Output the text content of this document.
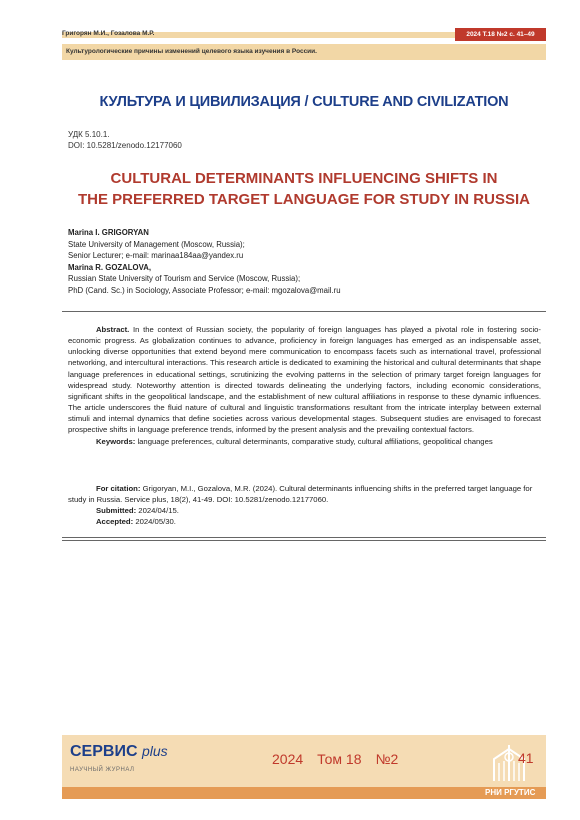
Григорян М.И., Гозалова М.Р.	2024 Т.18 №2 с. 41–49
Культурологические причины изменений целевого языка изучения в России.
КУЛЬТУРА И ЦИВИЛИЗАЦИЯ / CULTURE AND CIVILIZATION
УДК 5.10.1.
DOI: 10.5281/zenodo.12177060
CULTURAL DETERMINANTS INFLUENCING SHIFTS IN
THE PREFERRED TARGET LANGUAGE FOR STUDY IN RUSSIA
Marina I. GRIGORYAN
State University of Management (Moscow, Russia);
Senior Lecturer; e-mail: marinaa184aa@yandex.ru
Marina R. GOZALOVA,
Russian State University of Tourism and Service (Moscow, Russia);
PhD (Cand. Sc.) in Sociology, Associate Professor; e-mail: mgozalova@mail.ru

Abstract. In the context of Russian society, the popularity of foreign languages has played a pivotal role in fostering socio-economic progress. As globalization continues to advance, proficiency in foreign languages has emerged as an indispensable asset, unlocking diverse opportunities that extend beyond mere communication to encompass facets such as international travel, professional networking, and intercultural interactions. This research article is dedicated to examining the historical and cultural determinants that shape language preferences in educational settings, scrutinizing the evolving patterns in the selection of primary target foreign languages for widespread study. Noteworthy attention is directed towards delineating the underlying factors, including economic considerations, significant shifts in the geopolitical landscape, and the establishment of new cultural affiliations in response to these dynamic influences. The article underscores the fluid nature of cultural and linguistic transformations resultant from the intricate interplay between external stimuli and internal dynamics that define societies across various developmental stages. Subsequent studies are envisaged to forecast prospective shifts in language preference trends, informed by the present analysis and the prevailing contextual factors.

Keywords: language preferences, cultural determinants, comparative study, cultural affiliations, geopolitical changes

For citation: Grigoryan, M.I., Gozalova, M.R. (2024). Cultural determinants influencing shifts in the preferred target language for study in Russia. Service plus, 18(2), 41-49. DOI: 10.5281/zenodo.12177060.

Submitted: 2024/04/15.

Accepted: 2024/05/30.

СЕРВИС plus
НАУЧНЫЙ ЖУРНАЛ
2024 Том 18 №2	41
РНИ РГУТИС
